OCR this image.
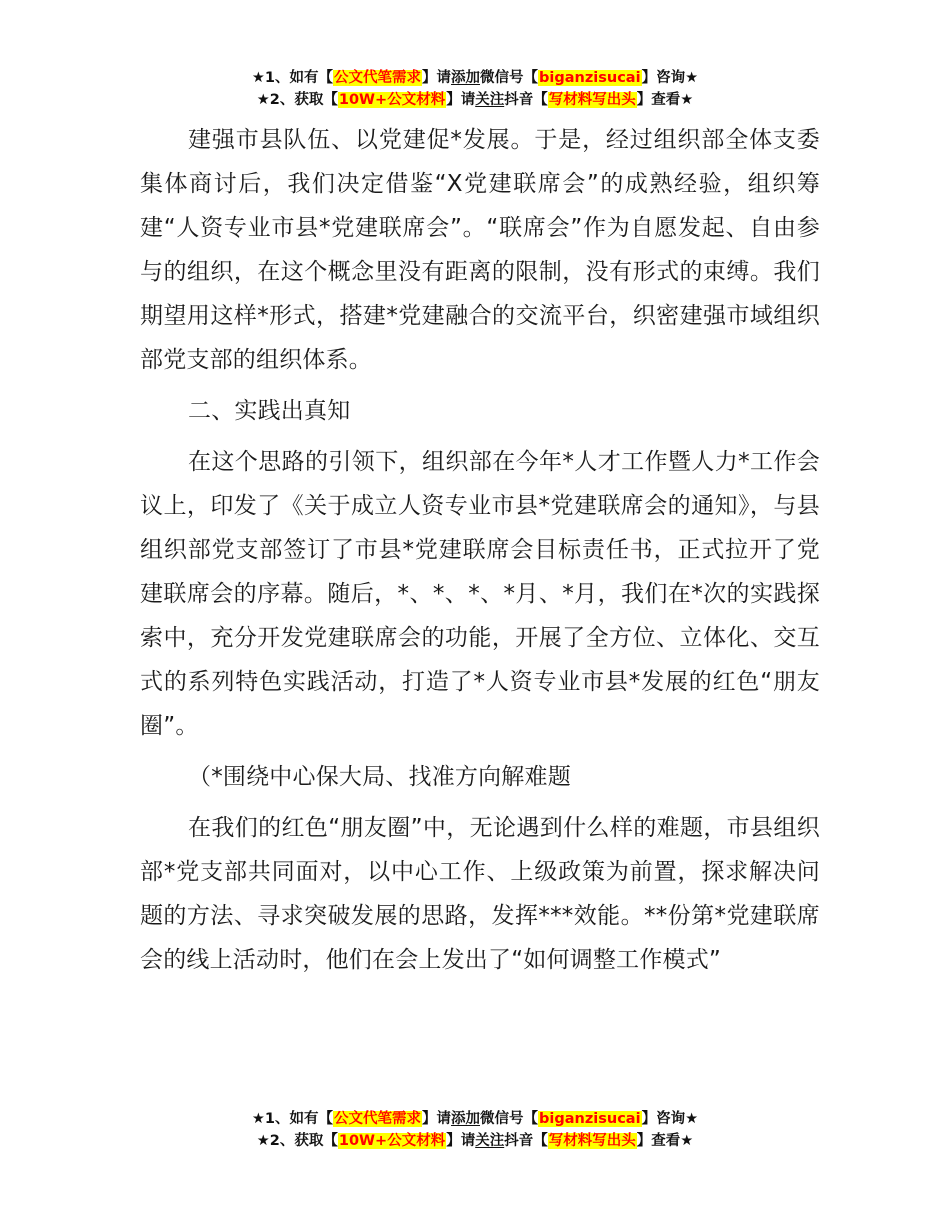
★1、如有【公文代笔需求】请添加微信号【biganzisucai】咨询★
★2、获取【10W+公文材料】请关注抖音【写材料写出头】查看★

建强市县队伍、以党建促*发展。于是，经过组织部全体支委集体商讨后，我们决定借鉴“X党建联席会”的成熟经验，组织筹建“人资专业市县*党建联席会”。“联席会”作为自愿发起、自由参与的组织，在这个概念里没有距离的限制，没有形式的束缚。我们期望用这样*形式，搭建*党建融合的交流平台，织密建强市域组织部党支部的组织体系。

二、实践出真知

在这个思路的引领下，组织部在今年*人才工作暨人力*工作会议上，印发了《关于成立人资专业市县*党建联席会的通知》，与县组织部党支部签订了市县*党建联席会目标责任书，正式拉开了党建联席会的序幕。随后，*、*、*、*月、*月，我们在*次的实践探索中，充分开发党建联席会的功能，开展了全方位、立体化、交互式的系列特色实践活动，打造了*人资专业市县*发展的红色“朋友圈”。

（*围绕中心保大局、找准方向解难题

在我们的红色“朋友圈”中，无论遇到什么样的难题，市县组织部*党支部共同面对，以中心工作、上级政策为前置，探求解决问题的方法、寻求突破发展的思路，发挥***效能。**份第*党建联席会的线上活动时，他们在会上发出了“如何调整工作模式”

★1、如有【公文代笔需求】请添加微信号【biganzisucai】咨询★
★2、获取【10W+公文材料】请关注抖音【写材料写出头】查看★
